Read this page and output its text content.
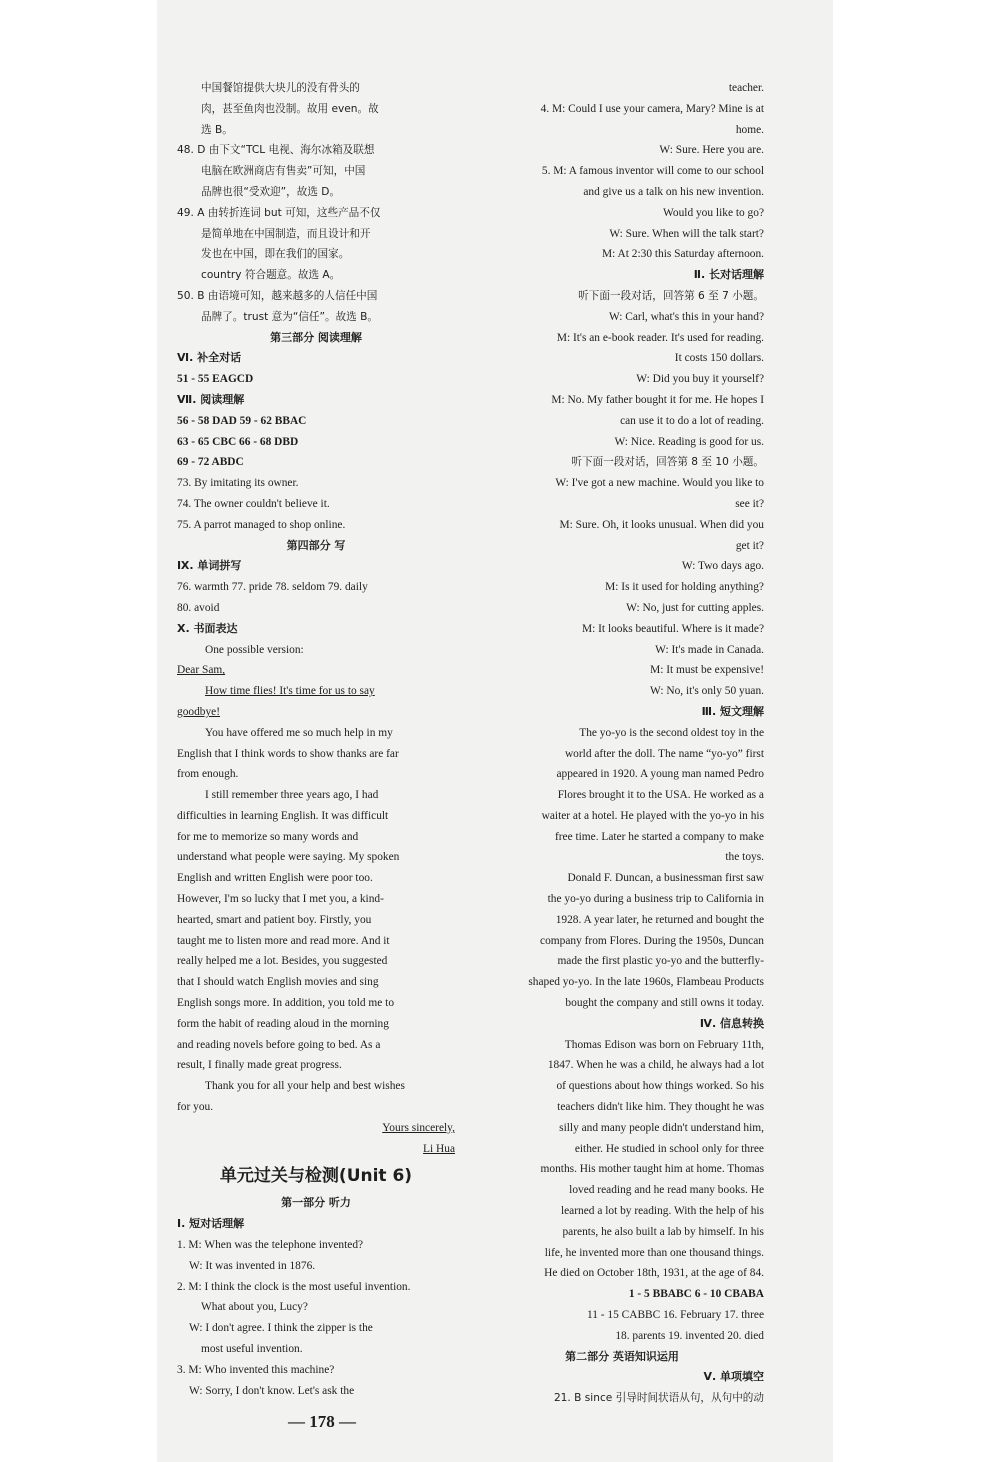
中国餐馆提供大块儿的没有骨头的
肉，甚至鱼肉也没制。故用 even。故
选 B。
48. D 由下文“TCL 电视、海尔冰箱及联想
电脑在欧洲商店有售卖”可知，中国
品牌也很“受欢迎”，故选 D。
49. A 由转折连词 but 可知，这些产品不仅
是简单地在中国制造，而且设计和开
发也在中国，即在我们的国家。
country 符合题意。故选 A。
50. B 由语境可知，越来越多的人信任中国
品牌了。trust 意为“信任”。故选 B。
第三部分 阅读理解
Ⅵ. 补全对话
51 - 55 EAGCD
Ⅶ. 阅读理解
56 - 58 DAD 59 - 62 BBAC
63 - 65 CBC 66 - 68 DBD
69 - 72 ABDC
73. By imitating its owner.
74. The owner couldn't believe it.
75. A parrot managed to shop online.
第四部分 写
Ⅸ. 单词拼写
76. warmth 77. pride 78. seldom 79. daily
80. avoid
Ⅹ. 书面表达
One possible version:
Dear Sam,
How time flies! It's time for us to say
goodbye!
You have offered me so much help in my
English that I think words to show thanks are far
from enough.
I still remember three years ago, I had
difficulties in learning English. It was difficult
for me to memorize so many words and
understand what people were saying. My spoken
English and written English were poor too.
However, I'm so lucky that I met you, a kind-
hearted, smart and patient boy. Firstly, you
taught me to listen more and read more. And it
really helped me a lot. Besides, you suggested
that I should watch English movies and sing
English songs more. In addition, you told me to
form the habit of reading aloud in the morning
and reading novels before going to bed. As a
result, I finally made great progress.
Thank you for all your help and best wishes
for you.
Yours sincerely,
Li Hua
单元过关与检测(Unit 6)
第一部分 听力
Ⅰ. 短对话理解
1. M: When was the telephone invented?
W: It was invented in 1876.
2. M: I think the clock is the most useful invention.
What about you, Lucy?
W: I don't agree. I think the zipper is the
most useful invention.
3. M: Who invented this machine?
W: Sorry, I don't know. Let's ask the
teacher.
4. M: Could I use your camera, Mary? Mine is at
home.
W: Sure. Here you are.
5. M: A famous inventor will come to our school
and give us a talk on his new invention.
Would you like to go?
W: Sure. When will the talk start?
M: At 2:30 this Saturday afternoon.
Ⅱ. 长对话理解
听下面一段对话，回答第 6 至 7 小题。
W: Carl, what's this in your hand?
M: It's an e-book reader. It's used for reading.
It costs 150 dollars.
W: Did you buy it yourself?
M: No. My father bought it for me. He hopes I
can use it to do a lot of reading.
W: Nice. Reading is good for us.
听下面一段对话，回答第 8 至 10 小题。
W: I've got a new machine. Would you like to
see it?
M: Sure. Oh, it looks unusual. When did you
get it?
W: Two days ago.
M: Is it used for holding anything?
W: No, just for cutting apples.
M: It looks beautiful. Where is it made?
W: It's made in Canada.
M: It must be expensive!
W: No, it's only 50 yuan.
Ⅲ. 短文理解
The yo-yo is the second oldest toy in the
world after the doll. The name “yo-yo” first
appeared in 1920. A young man named Pedro
Flores brought it to the USA. He worked as a
waiter at a hotel. He played with the yo-yo in his
free time. Later he started a company to make
the toys.
Donald F. Duncan, a businessman first saw
the yo-yo during a business trip to California in
1928. A year later, he returned and bought the
company from Flores. During the 1950s, Duncan
made the first plastic yo-yo and the butterfly-
shaped yo-yo. In the late 1960s, Flambeau Products
bought the company and still owns it today.
Ⅳ. 信息转换
Thomas Edison was born on February 11th,
1847. When he was a child, he always had a lot
of questions about how things worked. So his
teachers didn't like him. They thought he was
silly and many people didn't understand him,
either. He studied in school only for three
months. His mother taught him at home. Thomas
loved reading and he read many books. He
learned a lot by reading. With the help of his
parents, he also built a lab by himself. In his
life, he invented more than one thousand things.
He died on October 18th, 1931, at the age of 84.
1 - 5 BBABC 6 - 10 CBABA
11 - 15 CABBC 16. February 17. three
18. parents 19. invented 20. died
第二部分 英语知识运用
Ⅴ. 单项填空
21. B since 引导时间状语从句，从句中的动
— 178 —
